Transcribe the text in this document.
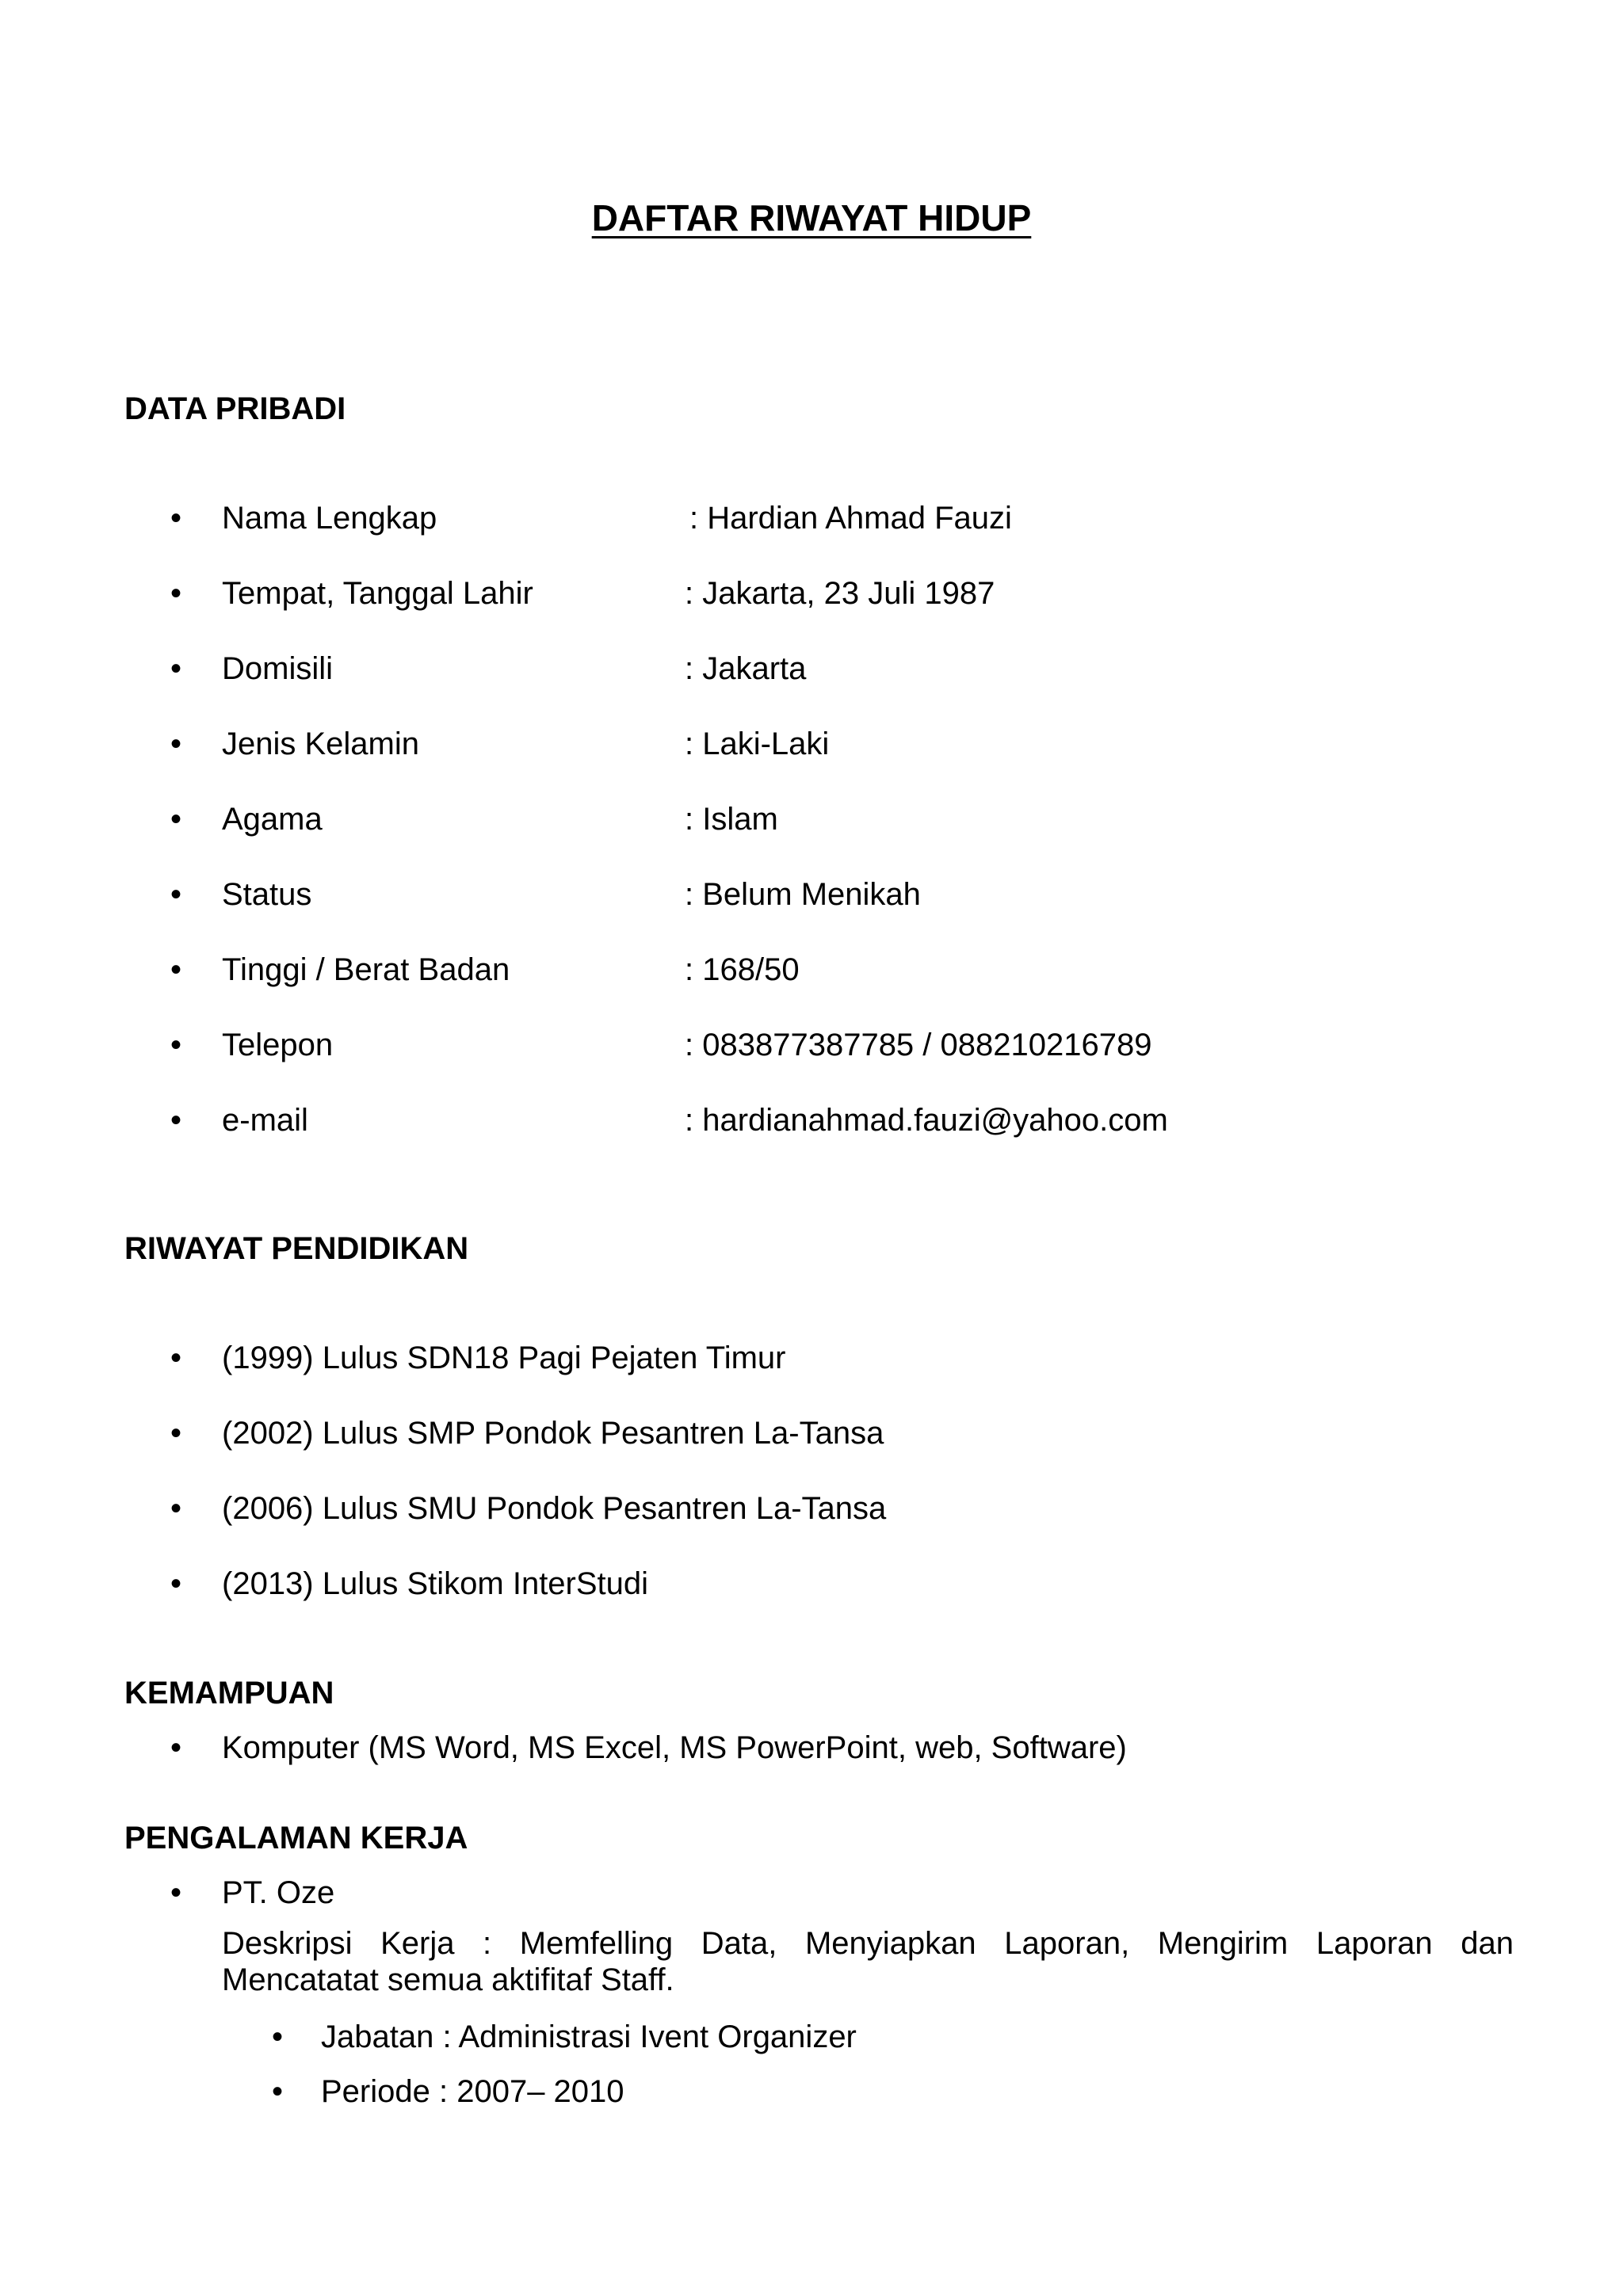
DAFTAR RIWAYAT HIDUP
DATA PRIBADI
• Nama Lengkap	: Hardian Ahmad Fauzi
• Tempat, Tanggal Lahir	: Jakarta, 23 Juli 1987
• Domisili	: Jakarta
• Jenis Kelamin	: Laki-Laki
• Agama	: Islam
• Status	: Belum Menikah
• Tinggi / Berat Badan	: 168/50
• Telepon	: 083877387785 / 088210216789
• e-mail	: hardianahmad.fauzi@yahoo.com
RIWAYAT PENDIDIKAN
• (1999) Lulus SDN18 Pagi Pejaten Timur
• (2002) Lulus SMP Pondok Pesantren La-Tansa
• (2006) Lulus SMU Pondok Pesantren La-Tansa
• (2013) Lulus Stikom InterStudi
KEMAMPUAN
• Komputer (MS Word, MS Excel, MS PowerPoint, web, Software)
PENGALAMAN KERJA
• PT. Oze
Deskripsi Kerja : Memfelling Data, Menyiapkan Laporan, Mengirim Laporan dan
Mencatatat semua aktifitaf Staff.
• Jabatan : Administrasi Ivent Organizer
• Periode : 2007– 2010
